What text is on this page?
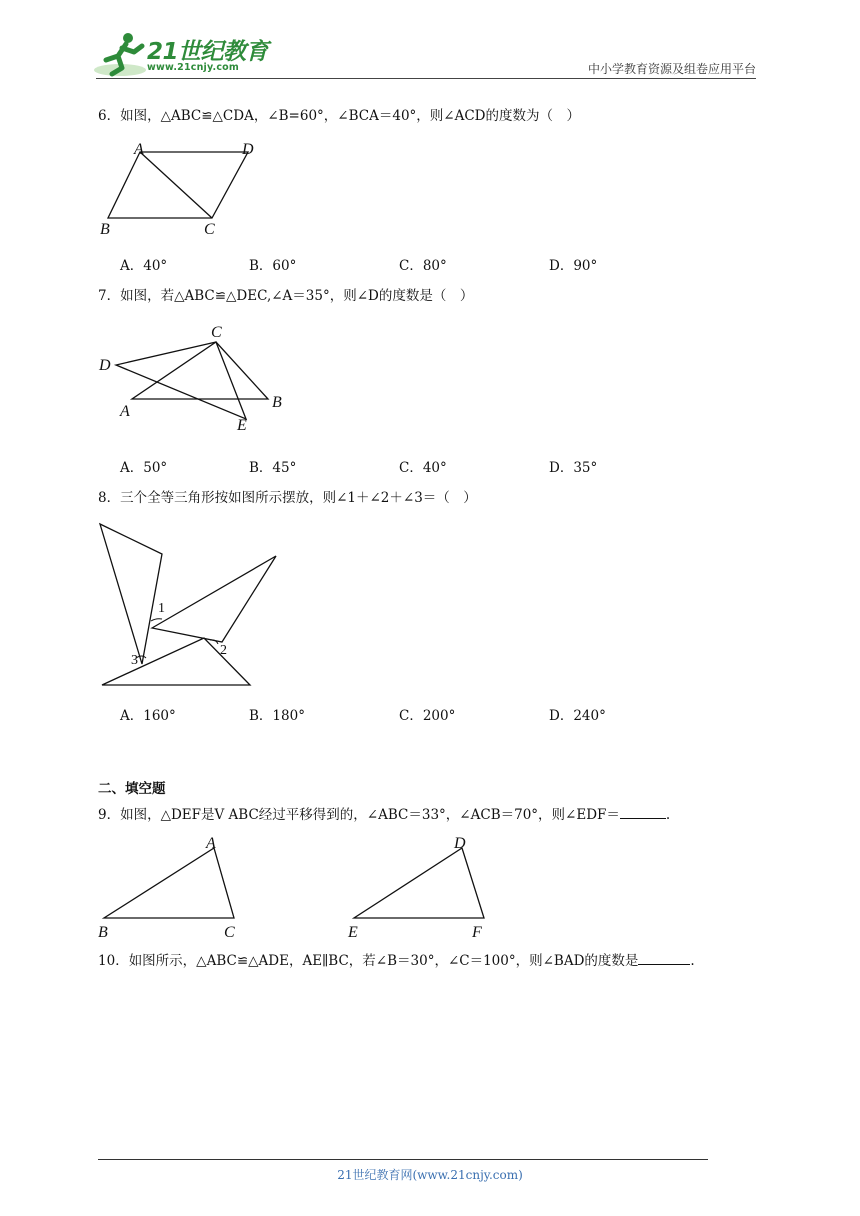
21世纪教育
www.21cnjy.com	中小学教育资源及组卷应用平台
6．如图，△ABC≌△CDA，∠B=60°，∠BCA＝40°，则∠ACD的度数为（　）
A	D
B	C
A．40°	B．60°	C．80°	D．90°
7．如图，若△ABC≌△DEC,∠A＝35°，则∠D的度数是（　）
C
D
A
B
E
A．50°	B．45°	C．40°	D．35°
8．三个全等三角形按如图所示摆放，则∠1＋∠2＋∠3＝（　）
1
2
3
A．160°	B．180°	C．200°	D．240°
二、填空题
9．如图，△DEF是V ABC经过平移得到的，∠ABC＝33°，∠ACB＝70°，则∠EDF＝	.
A
B	C
D
E	F
10．如图所示，△ABC≌△ADE，AE∥BC，若∠B＝30°，∠C＝100°，则∠BAD的度数是	.
21世纪教育网(www.21cnjy.com)
